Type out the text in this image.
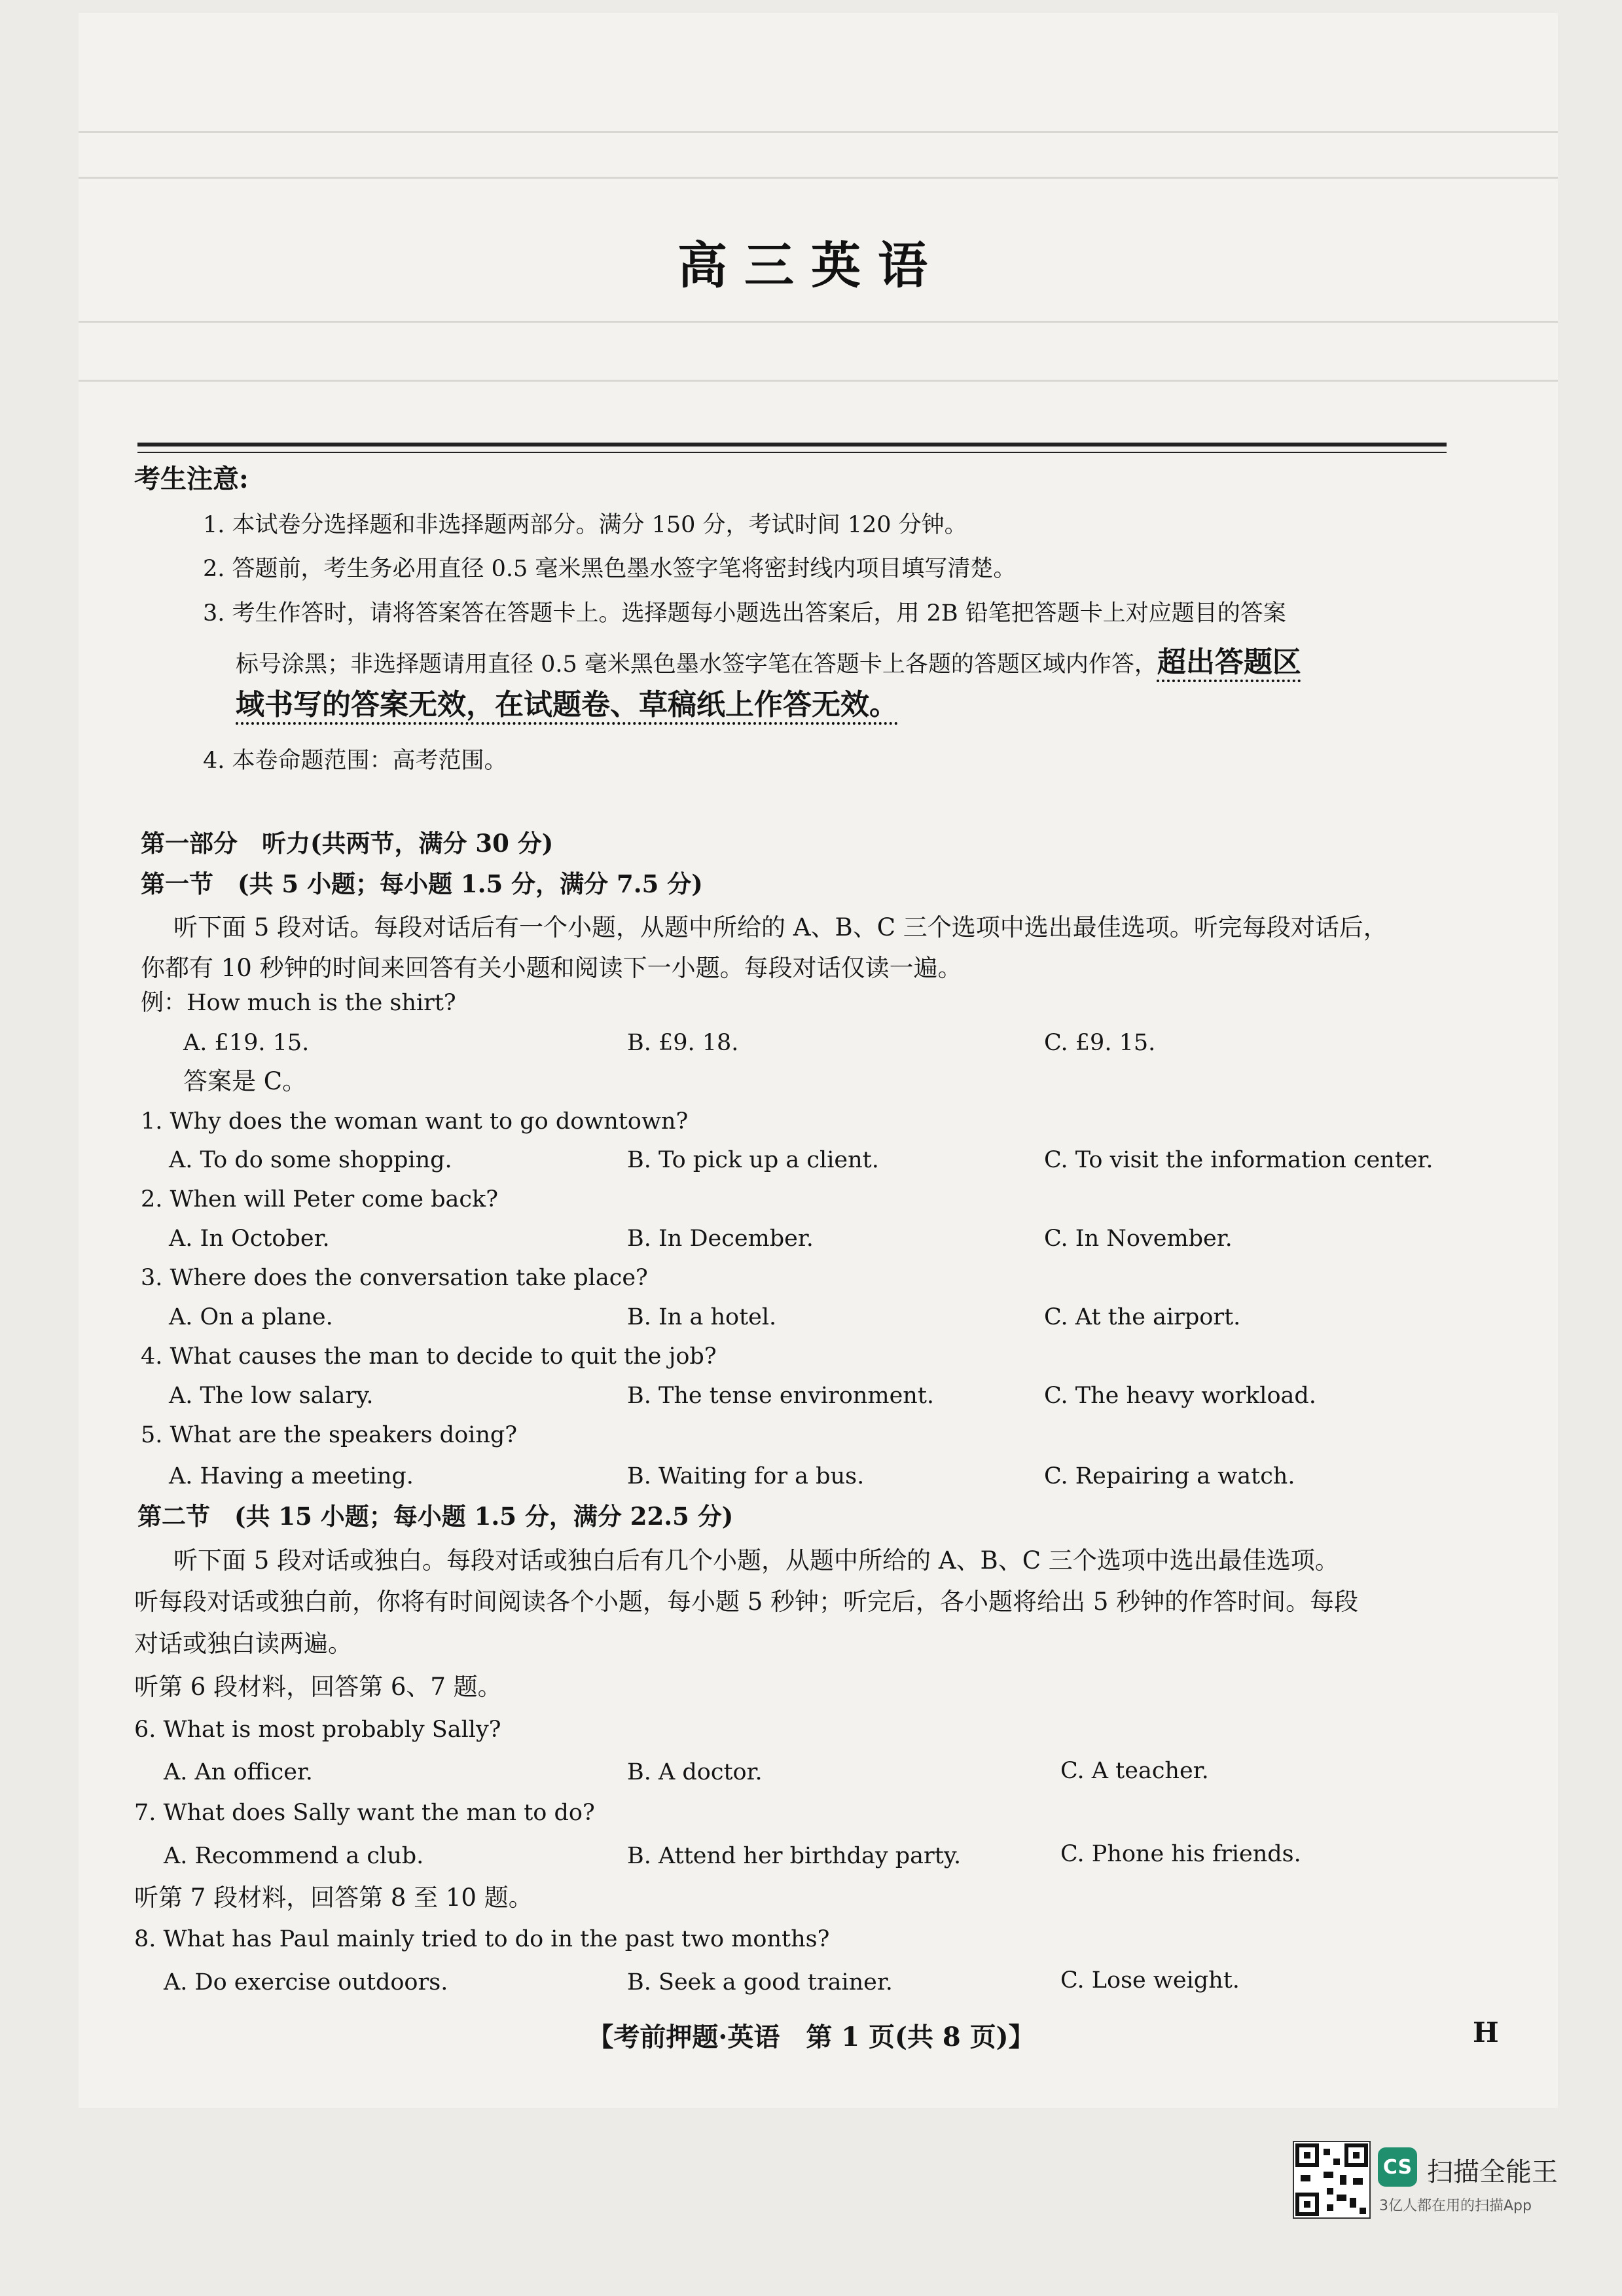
高三英语
考生注意:
1. 本试卷分选择题和非选择题两部分。满分 150 分，考试时间 120 分钟。
2. 答题前，考生务必用直径 0.5 毫米黑色墨水签字笔将密封线内项目填写清楚。
3. 考生作答时，请将答案答在答题卡上。选择题每小题选出答案后，用 2B 铅笔把答题卡上对应题目的答案
标号涂黑；非选择题请用直径 0.5 毫米黑色墨水签字笔在答题卡上各题的答题区域内作答，超出答题区
域书写的答案无效，在试题卷、草稿纸上作答无效。
4. 本卷命题范围：高考范围。
第一部分　听力(共两节，满分 30 分)
第一节　(共 5 小题；每小题 1.5 分，满分 7.5 分)
听下面 5 段对话。每段对话后有一个小题，从题中所给的 A、B、C 三个选项中选出最佳选项。听完每段对话后，
你都有 10 秒钟的时间来回答有关小题和阅读下一小题。每段对话仅读一遍。
例：How much is the shirt?
A. £19. 15.	B. £9. 18.	C. £9. 15.
答案是 C。
1. Why does the woman want to go downtown?
A. To do some shopping.	B. To pick up a client.	C. To visit the information center.
2. When will Peter come back?
A. In October.	B. In December.	C. In November.
3. Where does the conversation take place?
A. On a plane.	B. In a hotel.	C. At the airport.
4. What causes the man to decide to quit the job?
A. The low salary.	B. The tense environment.	C. The heavy workload.
5. What are the speakers doing?
A. Having a meeting.	B. Waiting for a bus.	C. Repairing a watch.
第二节　(共 15 小题；每小题 1.5 分，满分 22.5 分)
听下面 5 段对话或独白。每段对话或独白后有几个小题，从题中所给的 A、B、C 三个选项中选出最佳选项。
听每段对话或独白前，你将有时间阅读各个小题，每小题 5 秒钟；听完后，各小题将给出 5 秒钟的作答时间。每段
对话或独白读两遍。
听第 6 段材料，回答第 6、7 题。
6. What is most probably Sally?
A. An officer.	B. A doctor.	C. A teacher.
7. What does Sally want the man to do?
A. Recommend a club.	B. Attend her birthday party.	C. Phone his friends.
听第 7 段材料，回答第 8 至 10 题。
8. What has Paul mainly tried to do in the past two months?
A. Do exercise outdoors.	B. Seek a good trainer.	C. Lose weight.
【考前押题·英语　第 1 页(共 8 页)】	H
CS 扫描全能王
3亿人都在用的扫描App
